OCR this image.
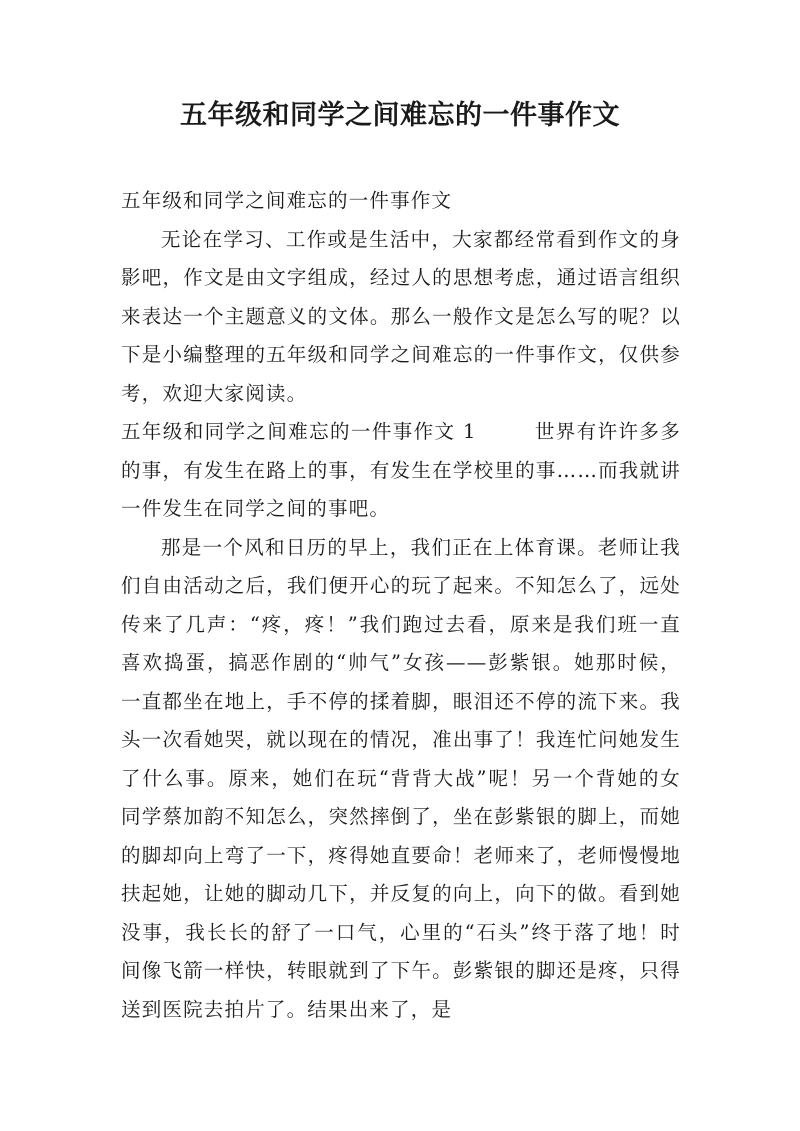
五年级和同学之间难忘的一件事作文

五年级和同学之间难忘的一件事作文

无论在学习、工作或是生活中，大家都经常看到作文的身影吧，作文是由文字组成，经过人的思想考虑，通过语言组织来表达一个主题意义的文体。那么一般作文是怎么写的呢？以下是小编整理的五年级和同学之间难忘的一件事作文，仅供参考，欢迎大家阅读。

五年级和同学之间难忘的一件事作文 1	世界有许许多多的事，有发生在路上的事，有发生在学校里的事……而我就讲一件发生在同学之间的事吧。

那是一个风和日历的早上，我们正在上体育课。老师让我们自由活动之后，我们便开心的玩了起来。不知怎么了，远处传来了几声：“疼，疼！”我们跑过去看，原来是我们班一直喜欢捣蛋，搞恶作剧的“帅气”女孩——彭紫银。她那时候，一直都坐在地上，手不停的揉着脚，眼泪还不停的流下来。我头一次看她哭，就以现在的情况，准出事了！我连忙问她发生了什么事。原来，她们在玩“背背大战”呢！另一个背她的女同学蔡加韵不知怎么，突然摔倒了，坐在彭紫银的脚上，而她的脚却向上弯了一下，疼得她直要命！老师来了，老师慢慢地扶起她，让她的脚动几下，并反复的向上，向下的做。看到她没事，我长长的舒了一口气，心里的“石头”终于落了地！时间像飞箭一样快，转眼就到了下午。彭紫银的脚还是疼，只得送到医院去拍片了。结果出来了，是
